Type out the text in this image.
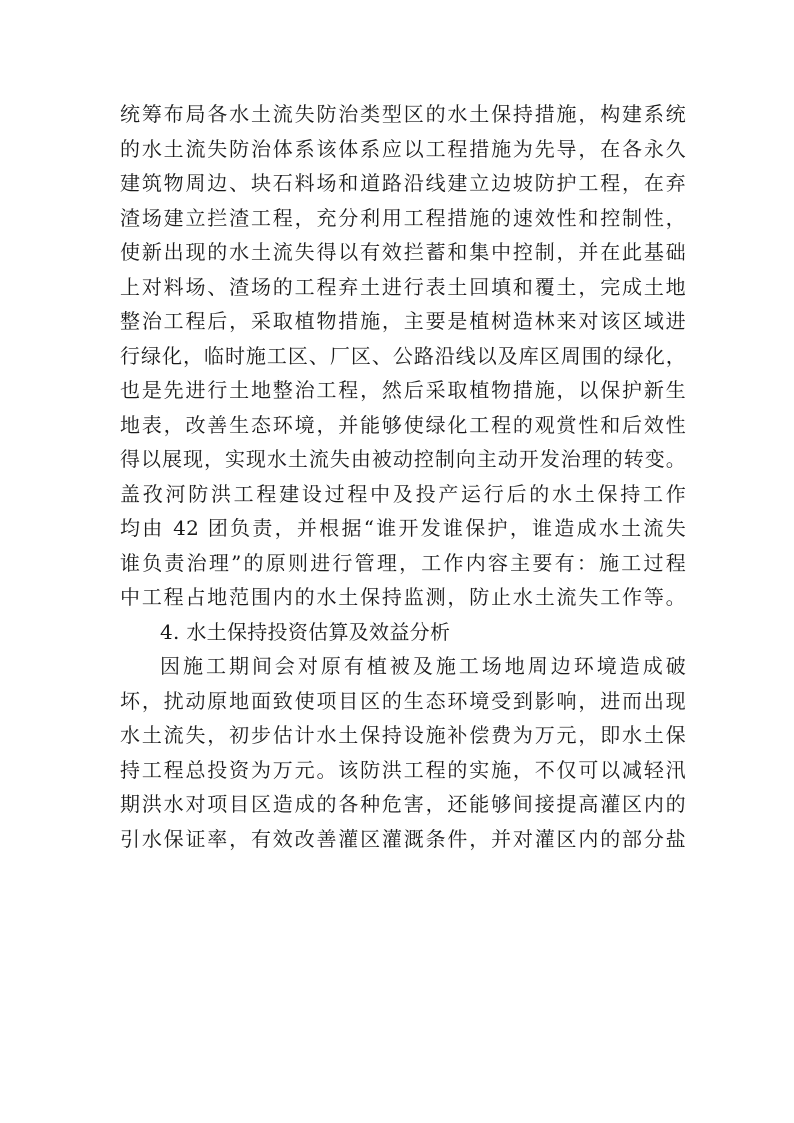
统筹布局各水土流失防治类型区的水土保持措施，构建系统
的水土流失防治体系该体系应以工程措施为先导，在各永久
建筑物周边、块石料场和道路沿线建立边坡防护工程，在弃
渣场建立拦渣工程，充分利用工程措施的速效性和控制性，
使新出现的水土流失得以有效拦蓄和集中控制，并在此基础
上对料场、渣场的工程弃土进行表土回填和覆土，完成土地
整治工程后，采取植物措施，主要是植树造林来对该区域进
行绿化，临时施工区、厂区、公路沿线以及库区周围的绿化，
也是先进行土地整治工程，然后采取植物措施，以保护新生
地表，改善生态环境，并能够使绿化工程的观赏性和后效性
得以展现，实现水土流失由被动控制向主动开发治理的转变。
盖孜河防洪工程建设过程中及投产运行后的水土保持工作
均由 42 团负责，并根据“谁开发谁保护，谁造成水土流失
谁负责治理”的原则进行管理，工作内容主要有：施工过程
中工程占地范围内的水土保持监测，防止水土流失工作等。
4. 水土保持投资估算及效益分析
因施工期间会对原有植被及施工场地周边环境造成破
坏，扰动原地面致使项目区的生态环境受到影响，进而出现
水土流失，初步估计水土保持设施补偿费为万元，即水土保
持工程总投资为万元。该防洪工程的实施，不仅可以减轻汛
期洪水对项目区造成的各种危害，还能够间接提高灌区内的
引水保证率，有效改善灌区灌溉条件，并对灌区内的部分盐
